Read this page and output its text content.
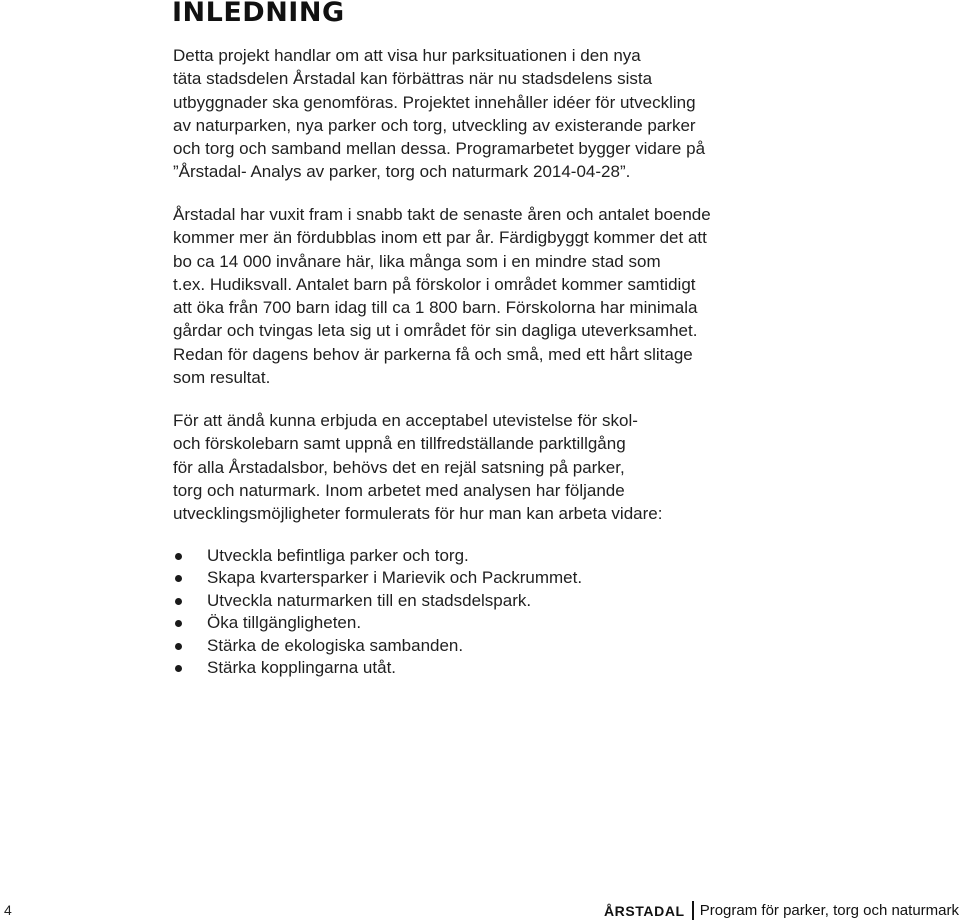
INLEDNING

Detta projekt handlar om att visa hur parksituationen i den nya
täta stadsdelen Årstadal kan förbättras när nu stadsdelens sista
utbyggnader ska genomföras. Projektet innehåller idéer för utveckling
av naturparken, nya parker och torg, utveckling av existerande parker
och torg och samband mellan dessa. Programarbetet bygger vidare på
”Årstadal- Analys av parker, torg och naturmark 2014-04-28”.

Årstadal har vuxit fram i snabb takt de senaste åren och antalet boende
kommer mer än fördubblas inom ett par år. Färdigbyggt kommer det att
bo ca 14 000 invånare här, lika många som i en mindre stad som
t.ex. Hudiksvall. Antalet barn på förskolor i området kommer samtidigt
att öka från 700 barn idag till ca 1 800 barn. Förskolorna har minimala
gårdar och tvingas leta sig ut i området för sin dagliga uteverksamhet.
Redan för dagens behov är parkerna få och små, med ett hårt slitage
som resultat.

För att ändå kunna erbjuda en acceptabel utevistelse för skol-
och förskolebarn samt uppnå en tillfredställande parktillgång
för alla Årstadalsbor, behövs det en rejäl satsning på parker,
torg och naturmark. Inom arbetet med analysen har följande
utvecklingsmöjligheter formulerats för hur man kan arbeta vidare:

Utveckla befintliga parker och torg.
Skapa kvartersparker i Marievik och Packrummet.
Utveckla naturmarken till en stadsdelspark.
Öka tillgängligheten.
Stärka de ekologiska sambanden.
Stärka kopplingarna utåt.
4	ÅRSTADAL Program för parker, torg och naturmark
